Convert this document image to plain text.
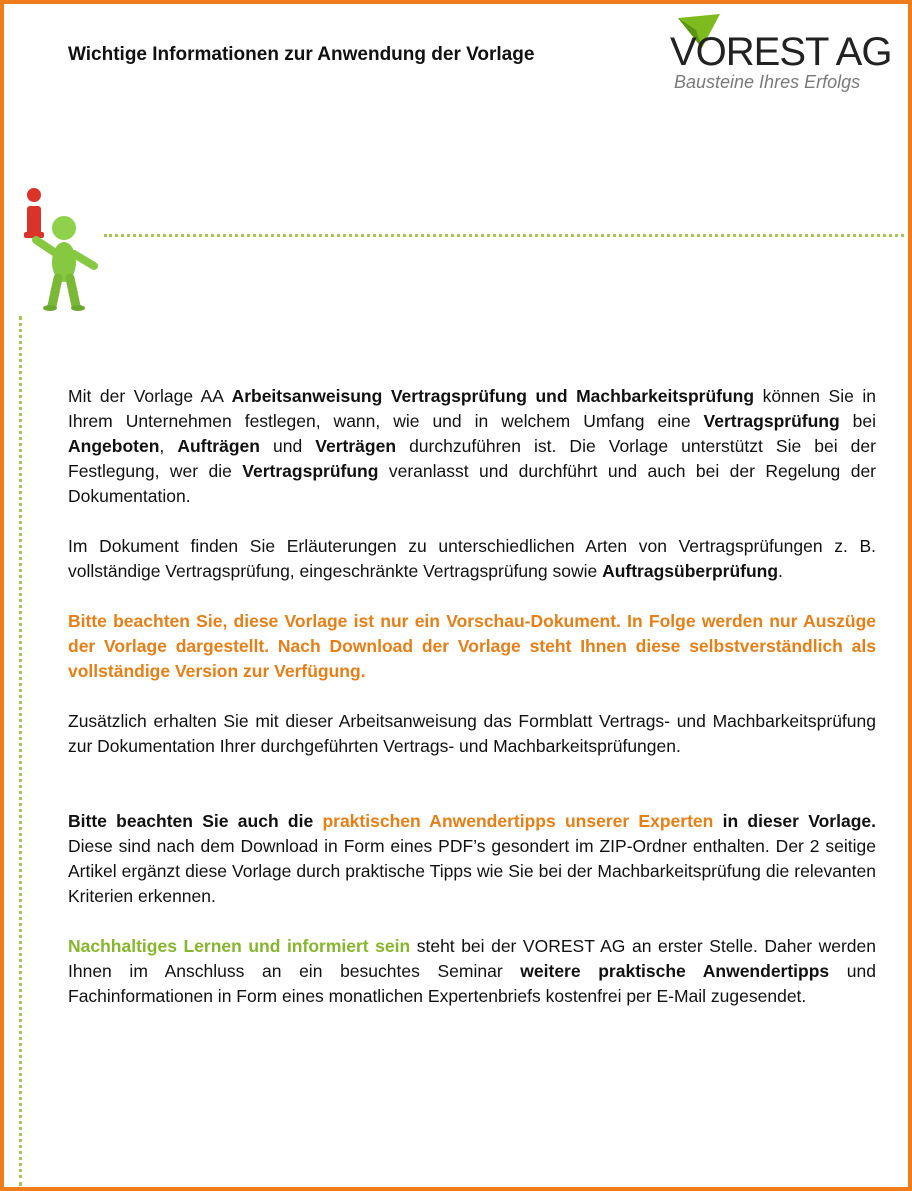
Wichtige Informationen zur Anwendung der Vorlage	VOREST AG
Bausteine Ihres Erfolgs

Mit der Vorlage AA Arbeitsanweisung Vertragsprüfung und Machbarkeitsprüfung können Sie in Ihrem Unternehmen festlegen, wann, wie und in welchem Umfang eine Vertragsprüfung bei Angeboten, Aufträgen und Verträgen durchzuführen ist. Die Vorlage unterstützt Sie bei der Festlegung, wer die Vertragsprüfung veranlasst und durchführt und auch bei der Regelung der Dokumentation.

Im Dokument finden Sie Erläuterungen zu unterschiedlichen Arten von Vertragsprüfungen z. B. vollständige Vertragsprüfung, eingeschränkte Vertragsprüfung sowie Auftragsüberprüfung.

Bitte beachten Sie, diese Vorlage ist nur ein Vorschau-Dokument. In Folge werden nur Auszüge der Vorlage dargestellt. Nach Download der Vorlage steht Ihnen diese selbstverständlich als vollständige Version zur Verfügung.

Zusätzlich erhalten Sie mit dieser Arbeitsanweisung das Formblatt Vertrags- und Machbarkeitsprüfung zur Dokumentation Ihrer durchgeführten Vertrags- und Machbarkeitsprüfungen.

Bitte beachten Sie auch die praktischen Anwendertipps unserer Experten in dieser Vorlage. Diese sind nach dem Download in Form eines PDF’s gesondert im ZIP-Ordner enthalten. Der 2 seitige Artikel ergänzt diese Vorlage durch praktische Tipps wie Sie bei der Machbarkeitsprüfung die relevanten Kriterien erkennen.

Nachhaltiges Lernen und informiert sein steht bei der VOREST AG an erster Stelle. Daher werden Ihnen im Anschluss an ein besuchtes Seminar weitere praktische Anwendertipps und Fachinformationen in Form eines monatlichen Expertenbriefs kostenfrei per E-Mail zugesendet.
